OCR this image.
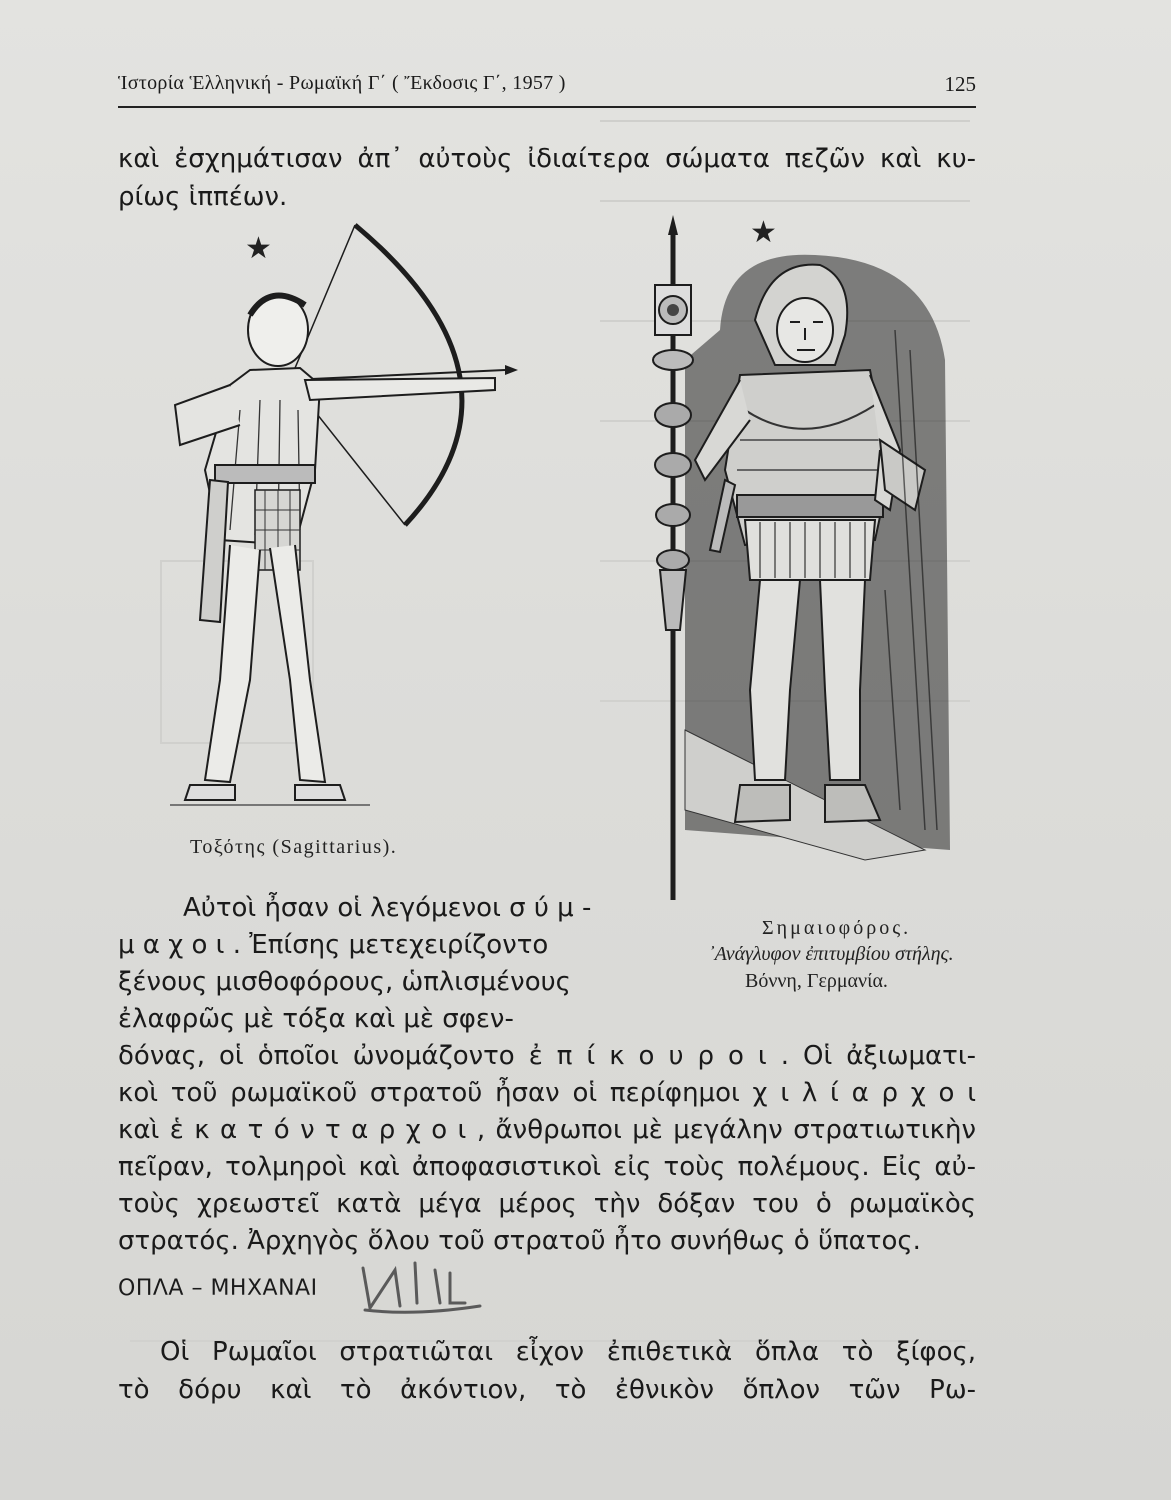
Ἱστορία Ἑλληνική - Ρωμαϊκή Γ΄ ( Ἔκδοσις Γ΄, 1957 )	125
καὶ ἐσχημάτισαν ἀπ᾽ αὐτοὺς ἰδιαίτερα σώματα πεζῶν καὶ κυ-
ρίως ἱππέων.
★
Τοξότης (Sagittarius).
★
Σημαιοφόρος.
᾽Ανάγλυφον ἐπιτυμβίου στήλης.
Βόννη, Γερμανία.
Αὐτοὶ ἦσαν οἱ λεγόμενοι σ ύ μ -
μ α χ ο ι . Ἐπίσης μετεχειρίζοντο
ξένους μισθοφόρους, ὡπλισμένους
ἐλαφρῶς μὲ τόξα καὶ μὲ σφεν-
δόνας, οἱ ὁποῖοι ὠνομάζοντο ἐ π ί κ ο υ ρ ο ι . Οἱ ἀξιωματι-
κοὶ τοῦ ρωμαϊκοῦ στρατοῦ ἦσαν οἱ περίφημοι χ ι λ ί α ρ χ ο ι
καὶ ἑ κ α τ ό ν τ α ρ χ ο ι , ἄνθρωποι μὲ μεγάλην στρατιωτικὴν
πεῖραν, τολμηροὶ καὶ ἀποφασιστικοὶ εἰς τοὺς πολέμους. Εἰς αὐ-
τοὺς χρεωστεῖ κατὰ μέγα μέρος τὴν δόξαν του ὁ ρωμαϊκὸς
στρατός. Ἀρχηγὸς ὅλου τοῦ στρατοῦ ἦτο συνήθως ὁ ὕπατος.
ΟΠΛΑ – ΜΗΧΑΝΑΙ
Οἱ Ρωμαῖοι στρατιῶται εἶχον ἐπιθετικὰ ὅπλα τὸ ξίφος,
τὸ δόρυ καὶ τὸ ἀκόντιον, τὸ ἐθνικὸν ὅπλον τῶν Ρω-
